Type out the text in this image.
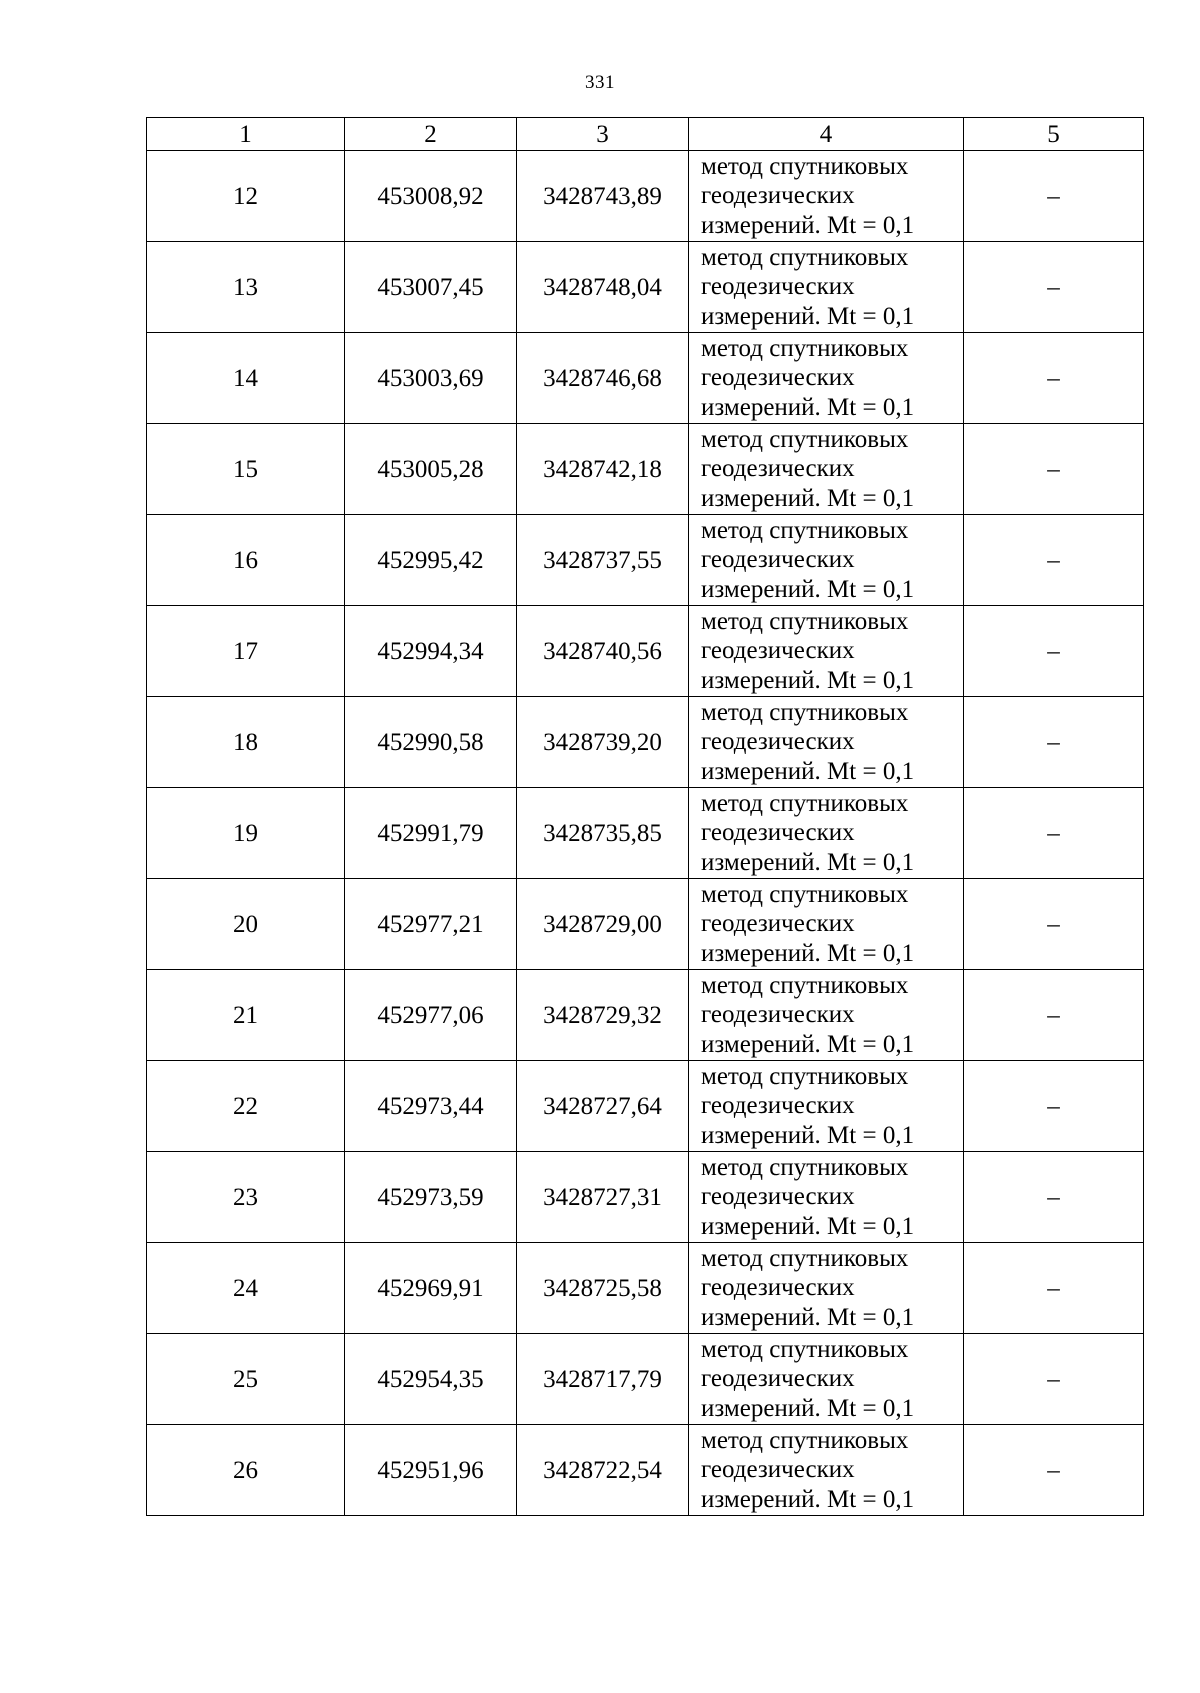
331
1	2	3	4	5
12	453008,92	3428743,89	метод спутниковых
геодезических
измерений. Mt = 0,1	–
13	453007,45	3428748,04	метод спутниковых
геодезических
измерений. Mt = 0,1	–
14	453003,69	3428746,68	метод спутниковых
геодезических
измерений. Mt = 0,1	–
15	453005,28	3428742,18	метод спутниковых
геодезических
измерений. Mt = 0,1	–
16	452995,42	3428737,55	метод спутниковых
геодезических
измерений. Mt = 0,1	–
17	452994,34	3428740,56	метод спутниковых
геодезических
измерений. Mt = 0,1	–
18	452990,58	3428739,20	метод спутниковых
геодезических
измерений. Mt = 0,1	–
19	452991,79	3428735,85	метод спутниковых
геодезических
измерений. Mt = 0,1	–
20	452977,21	3428729,00	метод спутниковых
геодезических
измерений. Mt = 0,1	–
21	452977,06	3428729,32	метод спутниковых
геодезических
измерений. Mt = 0,1	–
22	452973,44	3428727,64	метод спутниковых
геодезических
измерений. Mt = 0,1	–
23	452973,59	3428727,31	метод спутниковых
геодезических
измерений. Mt = 0,1	–
24	452969,91	3428725,58	метод спутниковых
геодезических
измерений. Mt = 0,1	–
25	452954,35	3428717,79	метод спутниковых
геодезических
измерений. Mt = 0,1	–
26	452951,96	3428722,54	метод спутниковых
геодезических
измерений. Mt = 0,1	–
